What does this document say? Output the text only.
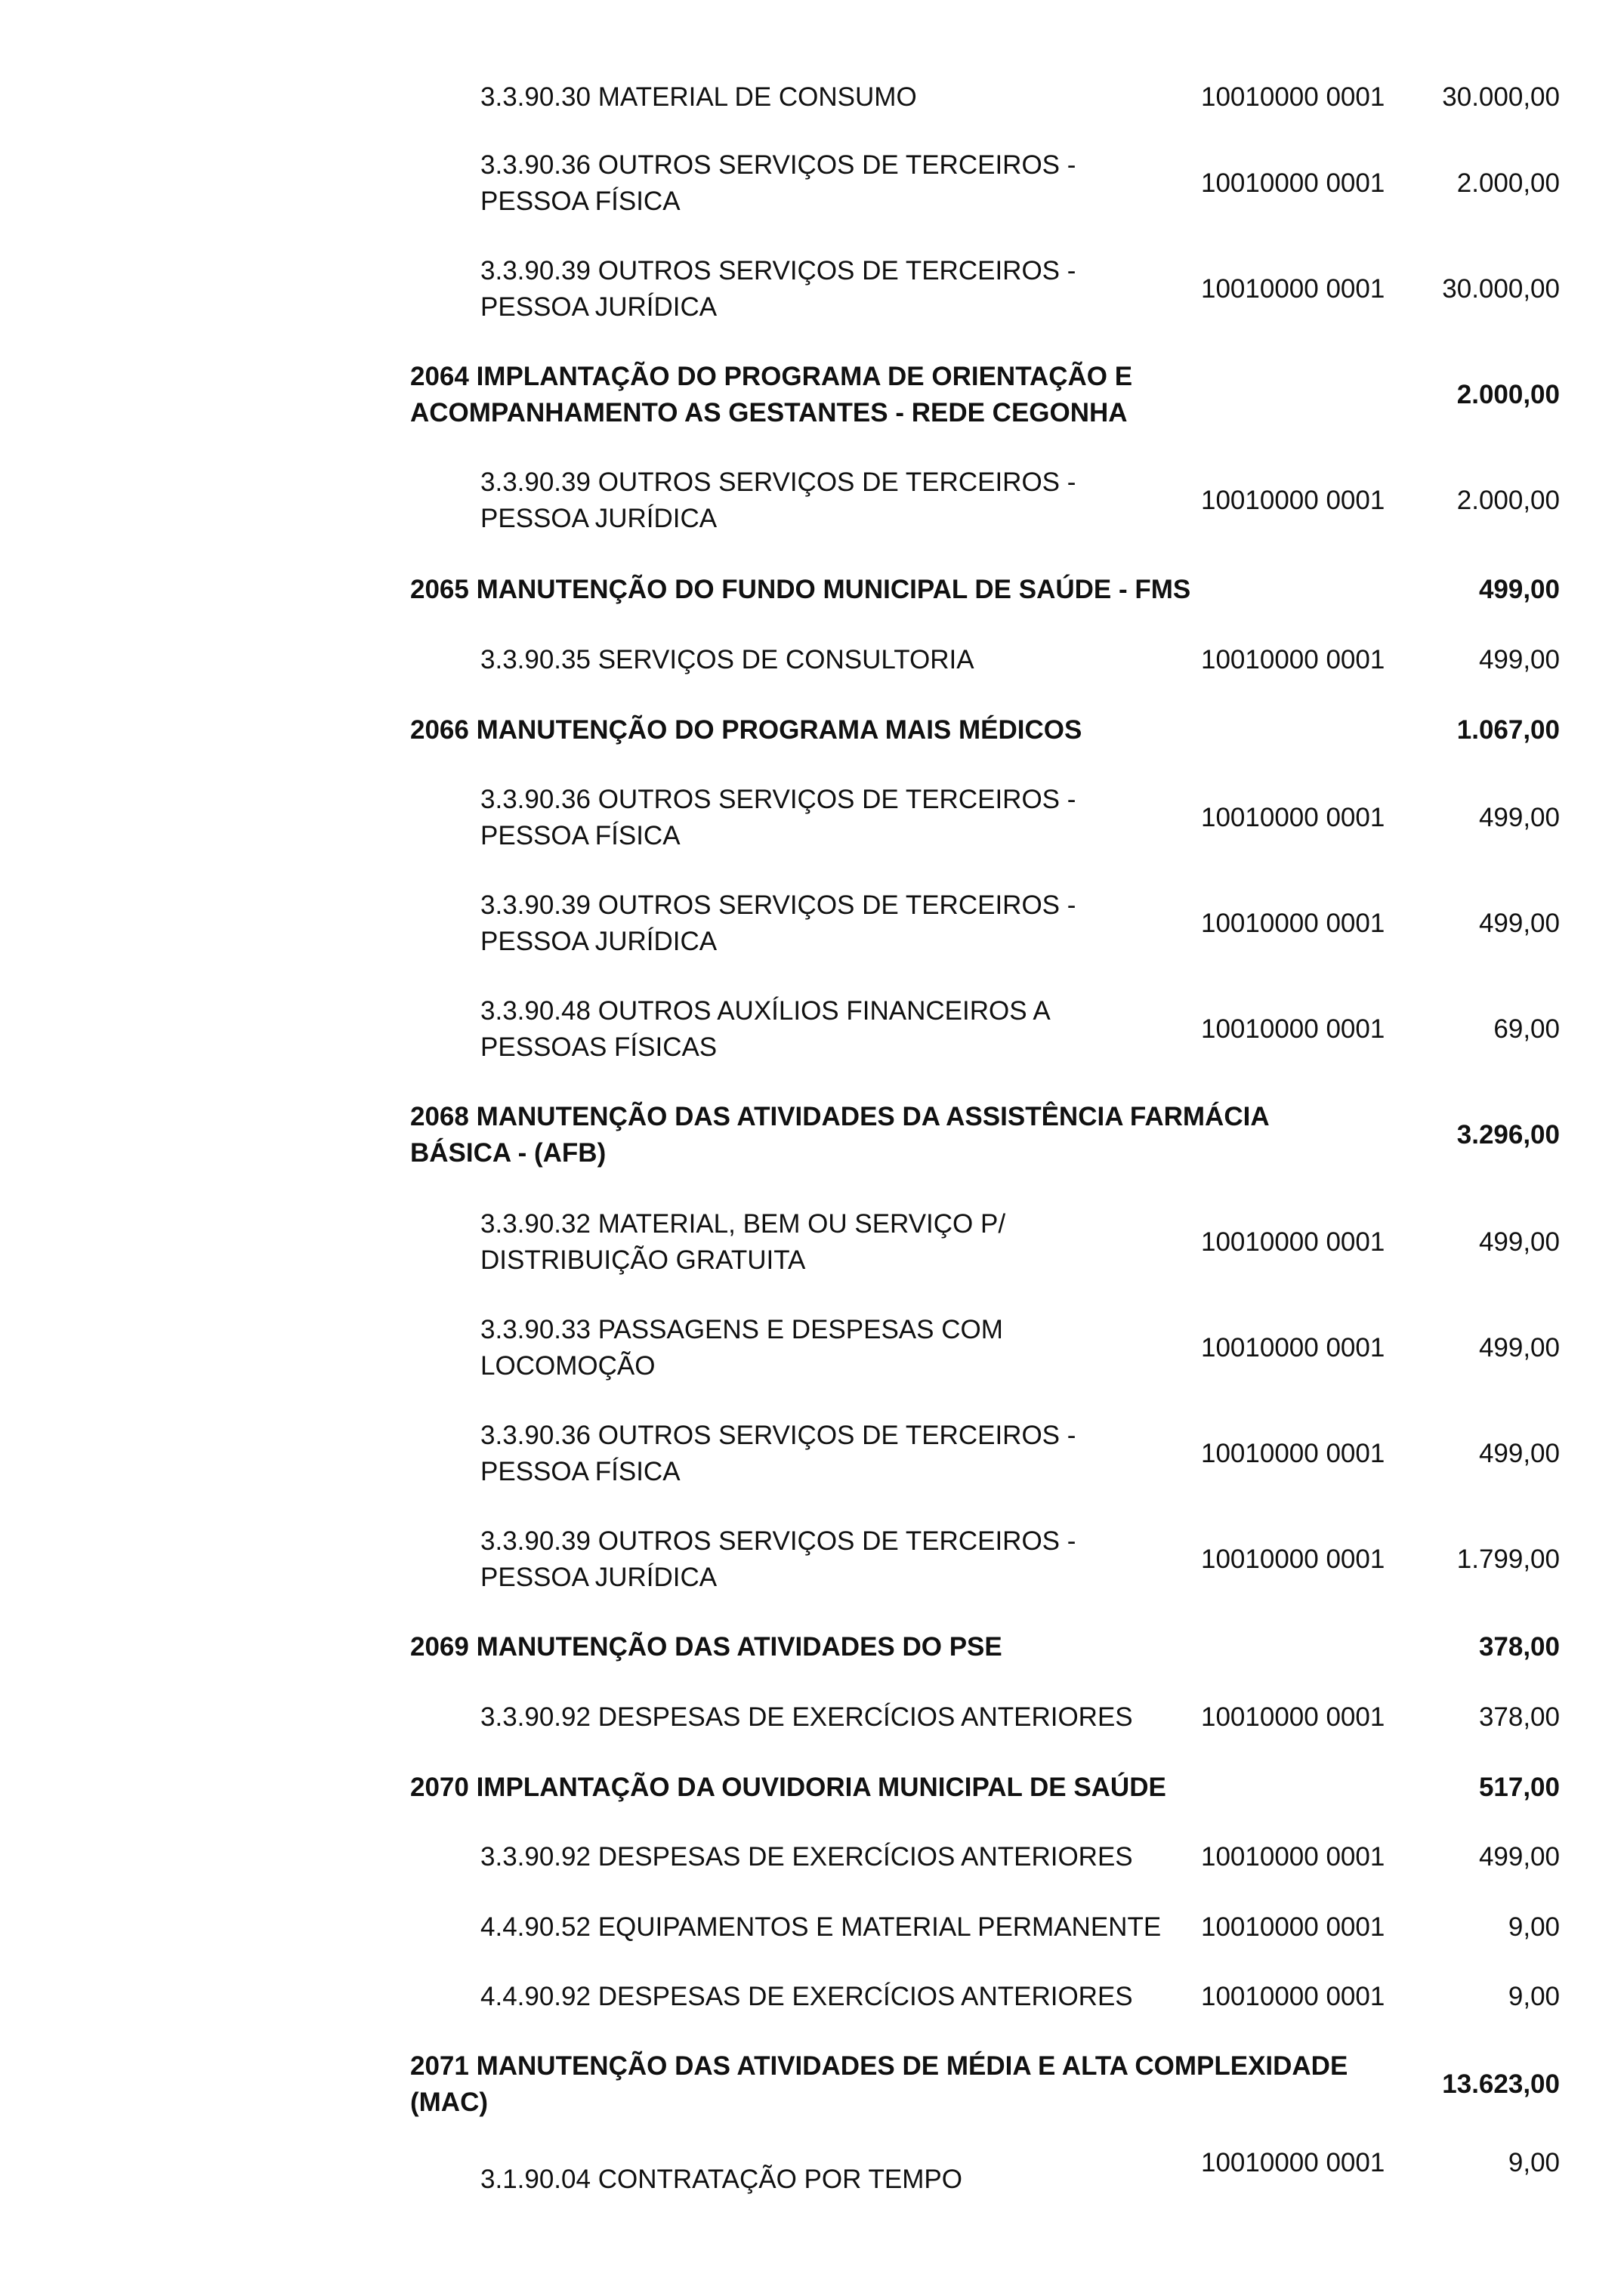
3.3.90.30 MATERIAL DE CONSUMO	10010000 0001	30.000,00
3.3.90.36 OUTROS SERVIÇOS DE TERCEIROS -
PESSOA FÍSICA
10010000 0001	2.000,00
3.3.90.39 OUTROS SERVIÇOS DE TERCEIROS -
PESSOA JURÍDICA
10010000 0001	30.000,00
2064 IMPLANTAÇÃO DO PROGRAMA DE ORIENTAÇÃO E
ACOMPANHAMENTO AS GESTANTES - REDE CEGONHA
2.000,00
3.3.90.39 OUTROS SERVIÇOS DE TERCEIROS -
PESSOA JURÍDICA
10010000 0001	2.000,00
2065 MANUTENÇÃO DO FUNDO MUNICIPAL DE SAÚDE - FMS	499,00
3.3.90.35 SERVIÇOS DE CONSULTORIA	10010000 0001	499,00
2066 MANUTENÇÃO DO PROGRAMA MAIS MÉDICOS	1.067,00
3.3.90.36 OUTROS SERVIÇOS DE TERCEIROS -
PESSOA FÍSICA
10010000 0001	499,00
3.3.90.39 OUTROS SERVIÇOS DE TERCEIROS -
PESSOA JURÍDICA
10010000 0001	499,00
3.3.90.48 OUTROS AUXÍLIOS FINANCEIROS A
PESSOAS FÍSICAS
10010000 0001	69,00
2068 MANUTENÇÃO DAS ATIVIDADES DA ASSISTÊNCIA FARMÁCIA
BÁSICA - (AFB)
3.296,00
3.3.90.32 MATERIAL, BEM OU SERVIÇO P/
DISTRIBUIÇÃO GRATUITA
10010000 0001	499,00
3.3.90.33 PASSAGENS E DESPESAS COM
LOCOMOÇÃO
10010000 0001	499,00
3.3.90.36 OUTROS SERVIÇOS DE TERCEIROS -
PESSOA FÍSICA
10010000 0001	499,00
3.3.90.39 OUTROS SERVIÇOS DE TERCEIROS -
PESSOA JURÍDICA
10010000 0001	1.799,00
2069 MANUTENÇÃO DAS ATIVIDADES DO PSE	378,00
3.3.90.92 DESPESAS DE EXERCÍCIOS ANTERIORES	10010000 0001	378,00
2070 IMPLANTAÇÃO DA OUVIDORIA MUNICIPAL DE SAÚDE	517,00
3.3.90.92 DESPESAS DE EXERCÍCIOS ANTERIORES	10010000 0001	499,00
4.4.90.52 EQUIPAMENTOS E MATERIAL PERMANENTE 10010000 0001	9,00
4.4.90.92 DESPESAS DE EXERCÍCIOS ANTERIORES	10010000 0001	9,00
2071 MANUTENÇÃO DAS ATIVIDADES DE MÉDIA E ALTA COMPLEXIDADE
(MAC)
13.623,00
3.1.90.04 CONTRATAÇÃO POR TEMPO
10010000 0001	9,00
